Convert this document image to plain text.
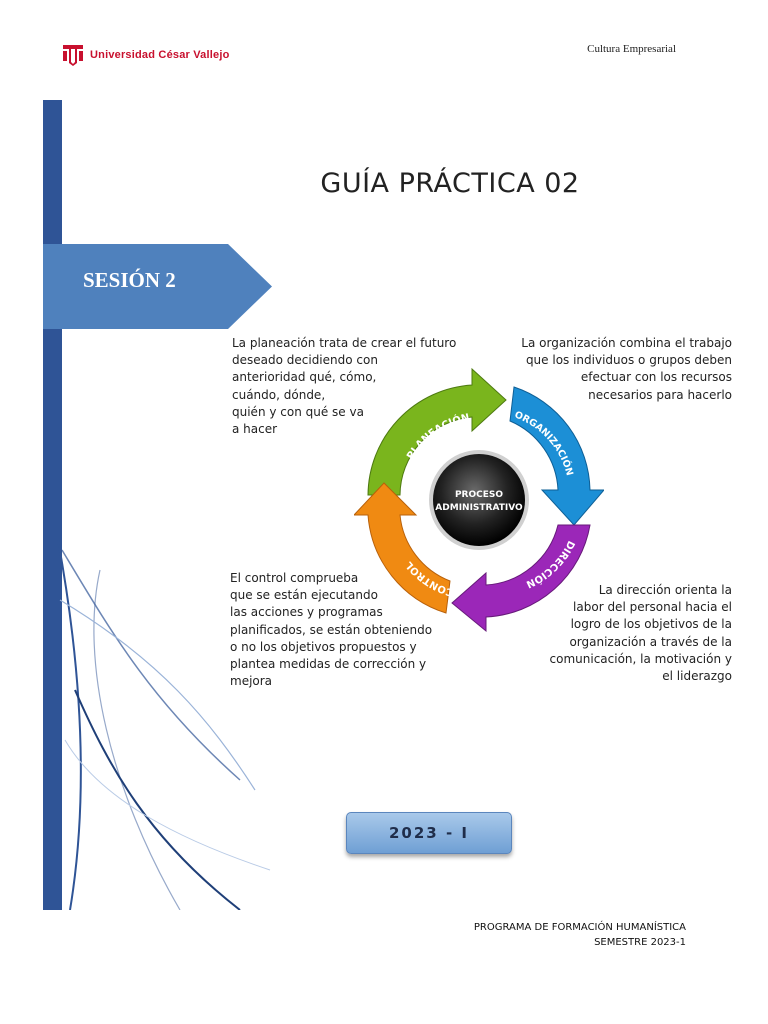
Universidad César Vallejo	Cultura Empresarial
GUÍA PRÁCTICA 02
SESIÓN 2
La planeación trata de crear el futuro
deseado decidiendo con
anterioridad qué, cómo,
cuándo, dónde,
quién y con qué se va
a hacer
La organización combina el trabajo
que los individuos o grupos deben
efectuar con los recursos
necesarios para hacerlo
El control comprueba
que se están ejecutando
las acciones y programas
planificados, se están obteniendo
o no los objetivos propuestos y
plantea medidas de corrección y
mejora
La dirección orienta la
labor del personal hacia el
logro de los objetivos de la
organización a través de la
comunicación, la motivación y
el liderazgo
PLANEACIÓN	ORGANIZACIÓN
DIRECCIÓN
CONTROL
PROCESO
ADMINISTRATIVO
2023 - I
PROGRAMA DE FORMACIÓN HUMANÍSTICA
SEMESTRE 2023-1
